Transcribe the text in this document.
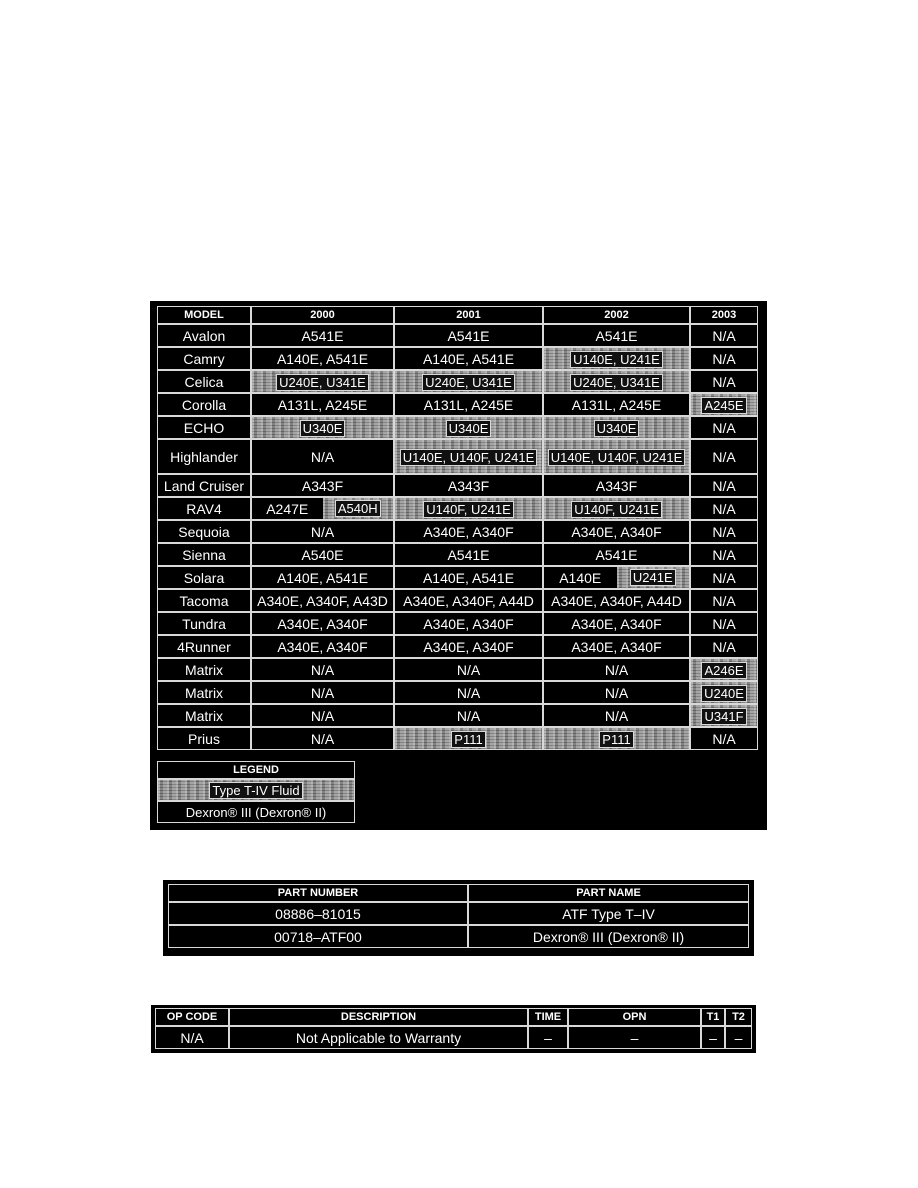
MODEL	2000	2001	2002	2003
Avalon	A541E	A541E	A541E	N/A
Camry	A140E, A541E	A140E, A541E	U140E, U241E	N/A
Celica	U240E, U341E	U240E, U341E	U240E, U341E	N/A
Corolla	A131L, A245E	A131L, A245E	A131L, A245E	A245E
ECHO	U340E	U340E	U340E	N/A
Highlander	N/A	U140E, U140F, U241E	U140E, U140F, U241E	N/A
Land Cruiser	A343F	A343F	A343F	N/A
RAV4	A247E A540H	U140F, U241E	U140F, U241E	N/A
Sequoia	N/A	A340E, A340F	A340E, A340F	N/A
Sienna	A540E	A541E	A541E	N/A
Solara	A140E, A541E	A140E, A541E	A140E U241E	N/A
Tacoma	A340E, A340F, A43D	A340E, A340F, A44D	A340E, A340F, A44D	N/A
Tundra	A340E, A340F	A340E, A340F	A340E, A340F	N/A
4Runner	A340E, A340F	A340E, A340F	A340E, A340F	N/A
Matrix	N/A	N/A	N/A	A246E
Matrix	N/A	N/A	N/A	U240E
Matrix	N/A	N/A	N/A	U341F
Prius	N/A	P111	P111	N/A
LEGEND
Type T-IV Fluid
Dexron® III (Dexron® II)
PART NUMBER	PART NAME
08886–81015	ATF Type T–IV
00718–ATF00	Dexron® III (Dexron® II)
OP CODE	DESCRIPTION	TIME	OPN	T1	T2
N/A	Not Applicable to Warranty	–	–	–	–
